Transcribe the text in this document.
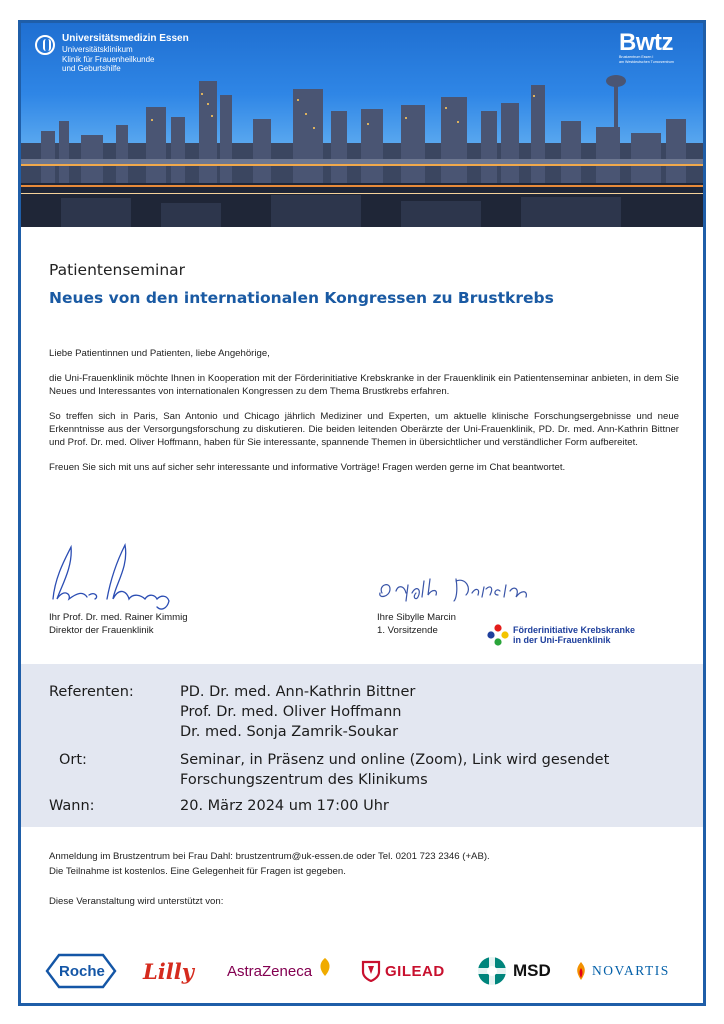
Universitätsmedizin Essen
Universitätsklinikum
Klinik für Frauenheilkunde
und Geburtshilfe
Bwtz
Brustzentrum Essen I
am Westdeutschen Tumorzentrum
Patientenseminar
Neues von den internationalen Kongressen zu Brustkrebs

Liebe Patientinnen und Patienten, liebe Angehörige,

die Uni-Frauenklinik möchte Ihnen in Kooperation mit der Förderinitiative Krebskranke in der Frauenklinik ein Patientenseminar anbieten, in dem Sie Neues und Interessantes von internationalen Kongressen zu dem Thema Brustkrebs erfahren.

So treffen sich in Paris, San Antonio und Chicago jährlich Mediziner und Experten, um aktuelle klinische Forschungsergebnisse und neue Erkenntnisse aus der Versorgungsforschung zu diskutieren. Die beiden leitenden Oberärzte der Uni-Frauenklinik, PD. Dr. med. Ann-Kathrin Bittner und Prof. Dr. med. Oliver Hoffmann, haben für Sie interessante, spannende Themen in übersichtlicher und verständlicher Form aufbereitet.

Freuen Sie sich mit uns auf sicher sehr interessante und informative Vorträge! Fragen werden gerne im Chat beantwortet.

Ihr Prof. Dr. med. Rainer Kimmig
Direktor der Frauenklinik
Ihre Sibylle Marcin
1. Vorsitzende	Förderinitiative Krebskranke
in der Uni-Frauenklinik
Referenten:	PD. Dr. med. Ann-Kathrin Bittner
Prof. Dr. med. Oliver Hoffmann
Dr. med. Sonja Zamrik-Soukar
Ort:	Seminar, in Präsenz und online (Zoom), Link wird gesendet
Forschungszentrum des Klinikums
Wann:	20. März 2024 um 17:00 Uhr
Anmeldung im Brustzentrum bei Frau Dahl: brustzentrum@uk-essen.de oder Tel. 0201 723 2346 (+AB).
Die Teilnahme ist kostenlos. Eine Gelegenheit für Fragen ist gegeben.
Diese Veranstaltung wird unterstützt von:
Roche Lilly AstraZeneca	GILEAD	MSD	NOVARTIS
